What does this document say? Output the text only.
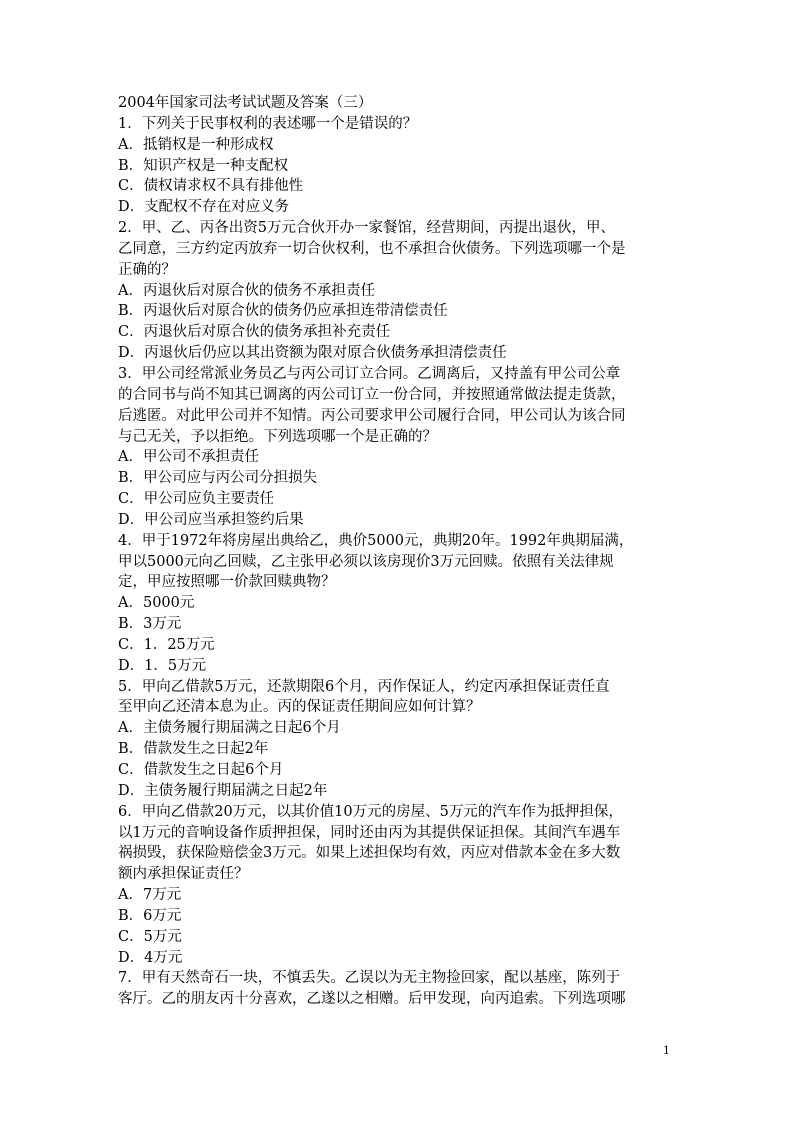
2004年国家司法考试试题及答案（三）
1．下列关于民事权利的表述哪一个是错误的？
A．抵销权是一种形成权
B．知识产权是一种支配权
C．债权请求权不具有排他性
D．支配权不存在对应义务
2．甲、乙、丙各出资5万元合伙开办一家餐馆，经营期间，丙提出退伙，甲、
乙同意，三方约定丙放弃一切合伙权利，也不承担合伙债务。下列选项哪一个是
正确的？
A．丙退伙后对原合伙的债务不承担责任
B．丙退伙后对原合伙的债务仍应承担连带清偿责任
C．丙退伙后对原合伙的债务承担补充责任
D．丙退伙后仍应以其出资额为限对原合伙债务承担清偿责任
3．甲公司经常派业务员乙与丙公司订立合同。乙调离后，又持盖有甲公司公章
的合同书与尚不知其已调离的丙公司订立一份合同，并按照通常做法提走货款，
后逃匿。对此甲公司并不知情。丙公司要求甲公司履行合同，甲公司认为该合同
与己无关，予以拒绝。下列选项哪一个是正确的？
A．甲公司不承担责任
B．甲公司应与丙公司分担损失
C．甲公司应负主要责任
D．甲公司应当承担签约后果
4．甲于1972年将房屋出典给乙，典价5000元，典期20年。1992年典期届满，
甲以5000元向乙回赎，乙主张甲必须以该房现价3万元回赎。依照有关法律规
定，甲应按照哪一价款回赎典物？
A．5000元
B．3万元
C．1．25万元
D．1．5万元
5．甲向乙借款5万元，还款期限6个月，丙作保证人，约定丙承担保证责任直
至甲向乙还清本息为止。丙的保证责任期间应如何计算？
A．主债务履行期届满之日起6个月
B．借款发生之日起2年
C．借款发生之日起6个月
D．主债务履行期届满之日起2年
6．甲向乙借款20万元，以其价值10万元的房屋、5万元的汽车作为抵押担保，
以1万元的音响设备作质押担保，同时还由丙为其提供保证担保。其间汽车遇车
祸损毁，获保险赔偿金3万元。如果上述担保均有效，丙应对借款本金在多大数
额内承担保证责任？
A．7万元
B．6万元
C．5万元
D．4万元
7．甲有天然奇石一块，不慎丢失。乙误以为无主物捡回家，配以基座，陈列于
客厅。乙的朋友丙十分喜欢，乙遂以之相赠。后甲发现，向丙追索。下列选项哪
1
